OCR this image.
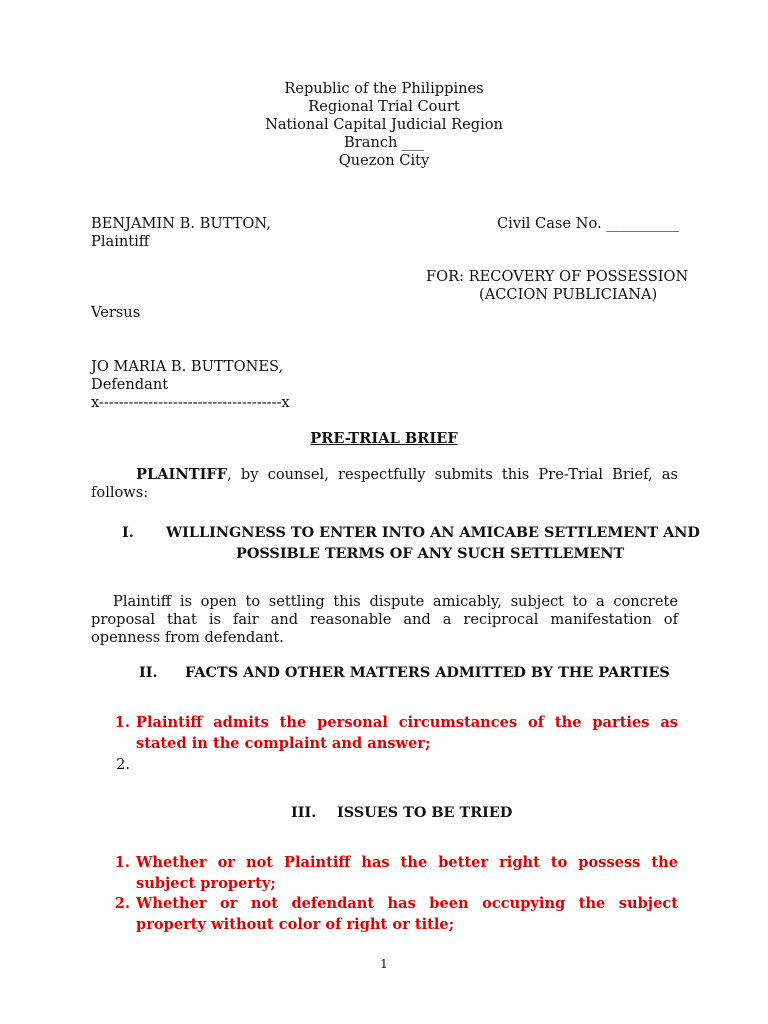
Republic of the Philippines
Regional Trial Court
National Capital Judicial Region
Branch ___
Quezon City
BENJAMIN B. BUTTON,
Plaintiff
Civil Case No. __________
FOR: RECOVERY OF POSSESSION
(ACCION PUBLICIANA)
Versus
JO MARIA B. BUTTONES,
Defendant
x-------------------------------------x
PRE-TRIAL BRIEF
PLAINTIFF, by counsel, respectfully submits this Pre-Trial Brief, as follows:
I. WILLINGNESS TO ENTER INTO AN AMICABE SETTLEMENT AND
POSSIBLE TERMS OF ANY SUCH SETTLEMENT
Plaintiff is open to settling this dispute amicably, subject to a concrete proposal that is fair and reasonable and a reciprocal manifestation of openness from defendant.
II. FACTS AND OTHER MATTERS ADMITTED BY THE PARTIES
1. Plaintiff admits the personal circumstances of the parties as stated in the complaint and answer;
2.
III. ISSUES TO BE TRIED
1. Whether or not Plaintiff has the better right to possess the subject property;
2. Whether or not defendant has been occupying the subject property without color of right or title;
1
